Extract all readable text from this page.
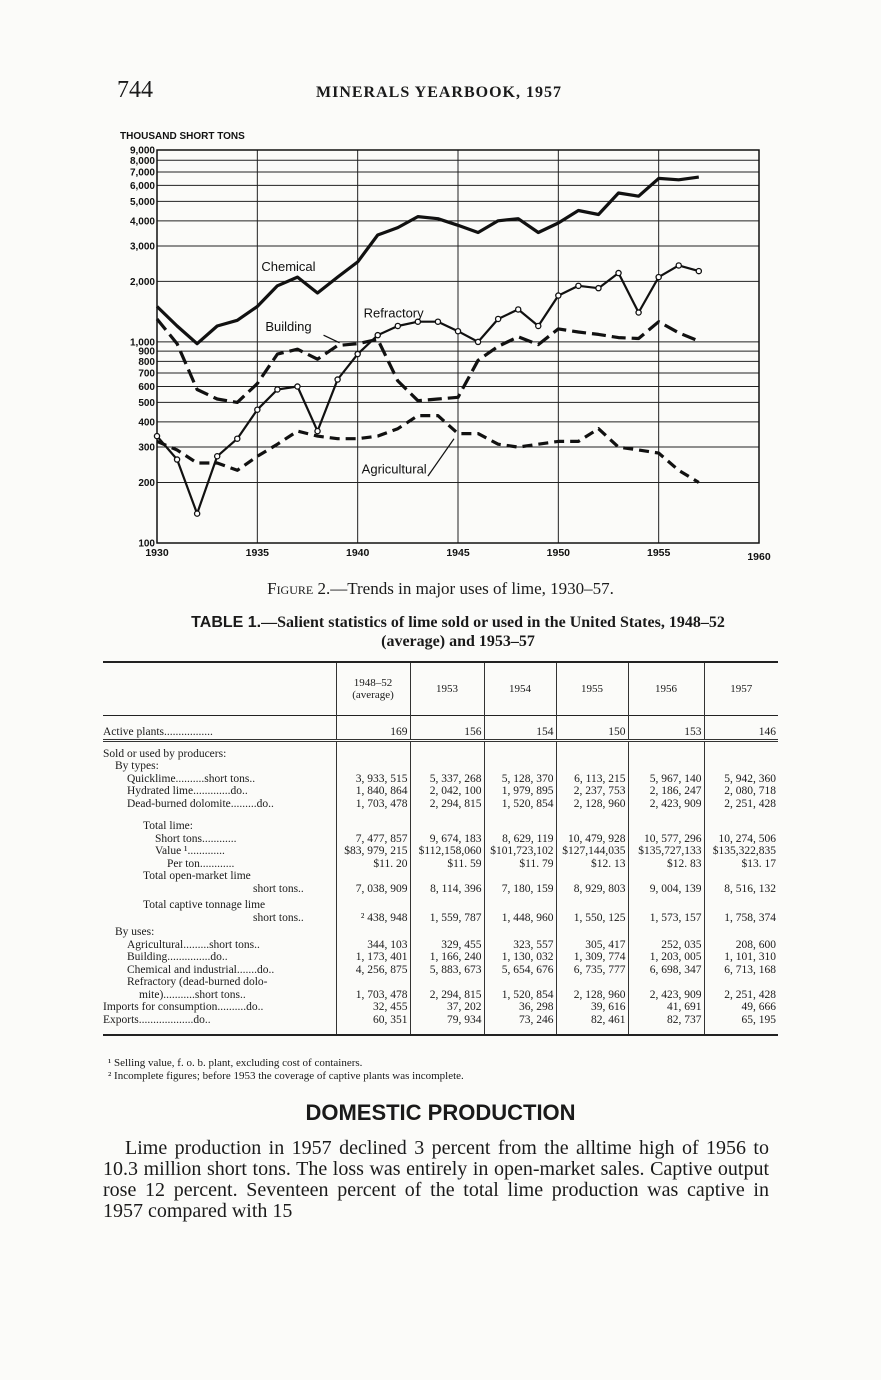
744	MINERALS YEARBOOK, 1957
THOUSAND SHORT TONS
100
200
300
400
500
600
700
800
900
1,000
2,000
3,000
4,000
5,000
6,000
7,000
8,000
9,000
1930	1935	1940	1945	1950	1955	1960
Chemical
Refractory
Building
Agricultural
Figure 2.—Trends in major uses of lime, 1930–57.
TABLE 1.—Salient statistics of lime sold or used in the United States, 1948–52
(average) and 1953–57
	1948–52
(average)	1953	1954	1955	1956	1957
Active plants.................	169	156	154	150	153	146
Sold or used by producers:						
By types:						
Quicklime..........short tons..	3, 933, 515	5, 337, 268	5, 128, 370	6, 113, 215	5, 967, 140	5, 942, 360
Hydrated lime.............do..	1, 840, 864	2, 042, 100	1, 979, 895	2, 237, 753	2, 186, 247	2, 080, 718
Dead-burned dolomite.........do..	1, 703, 478	2, 294, 815	1, 520, 854	2, 128, 960	2, 423, 909	2, 251, 428
Total lime:						
Short tons............	7, 477, 857	9, 674, 183	8, 629, 119	10, 479, 928	10, 577, 296	10, 274, 506
Value ¹.............	$83, 979, 215	$112,158,060	$101,723,102	$127,144,035	$135,727,133	$135,322,835
Per ton............	$11. 20	$11. 59	$11. 79	$12. 13	$12. 83	$13. 17
Total open-market lime						
short tons..	7, 038, 909	8, 114, 396	7, 180, 159	8, 929, 803	9, 004, 139	8, 516, 132
Total captive tonnage lime						
short tons..	² 438, 948	1, 559, 787	1, 448, 960	1, 550, 125	1, 573, 157	1, 758, 374
By uses:						
Agricultural.........short tons..	344, 103	329, 455	323, 557	305, 417	252, 035	208, 600
Building...............do..	1, 173, 401	1, 166, 240	1, 130, 032	1, 309, 774	1, 203, 005	1, 101, 310
Chemical and industrial.......do..	4, 256, 875	5, 883, 673	5, 654, 676	6, 735, 777	6, 698, 347	6, 713, 168
Refractory (dead-burned dolo-						
mite)...........short tons..	1, 703, 478	2, 294, 815	1, 520, 854	2, 128, 960	2, 423, 909	2, 251, 428
Imports for consumption..........do..	32, 455	37, 202	36, 298	39, 616	41, 691	49, 666
Exports...................do..	60, 351	79, 934	73, 246	82, 461	82, 737	65, 195
¹ Selling value, f. o. b. plant, excluding cost of containers.
² Incomplete figures; before 1953 the coverage of captive plants was incomplete.
DOMESTIC PRODUCTION
Lime production in 1957 declined 3 percent from the alltime high of 1956 to 10.3 million short tons. The loss was entirely in open-market sales. Captive output rose 12 percent. Seventeen percent of the total lime production was captive in 1957 compared with 15
